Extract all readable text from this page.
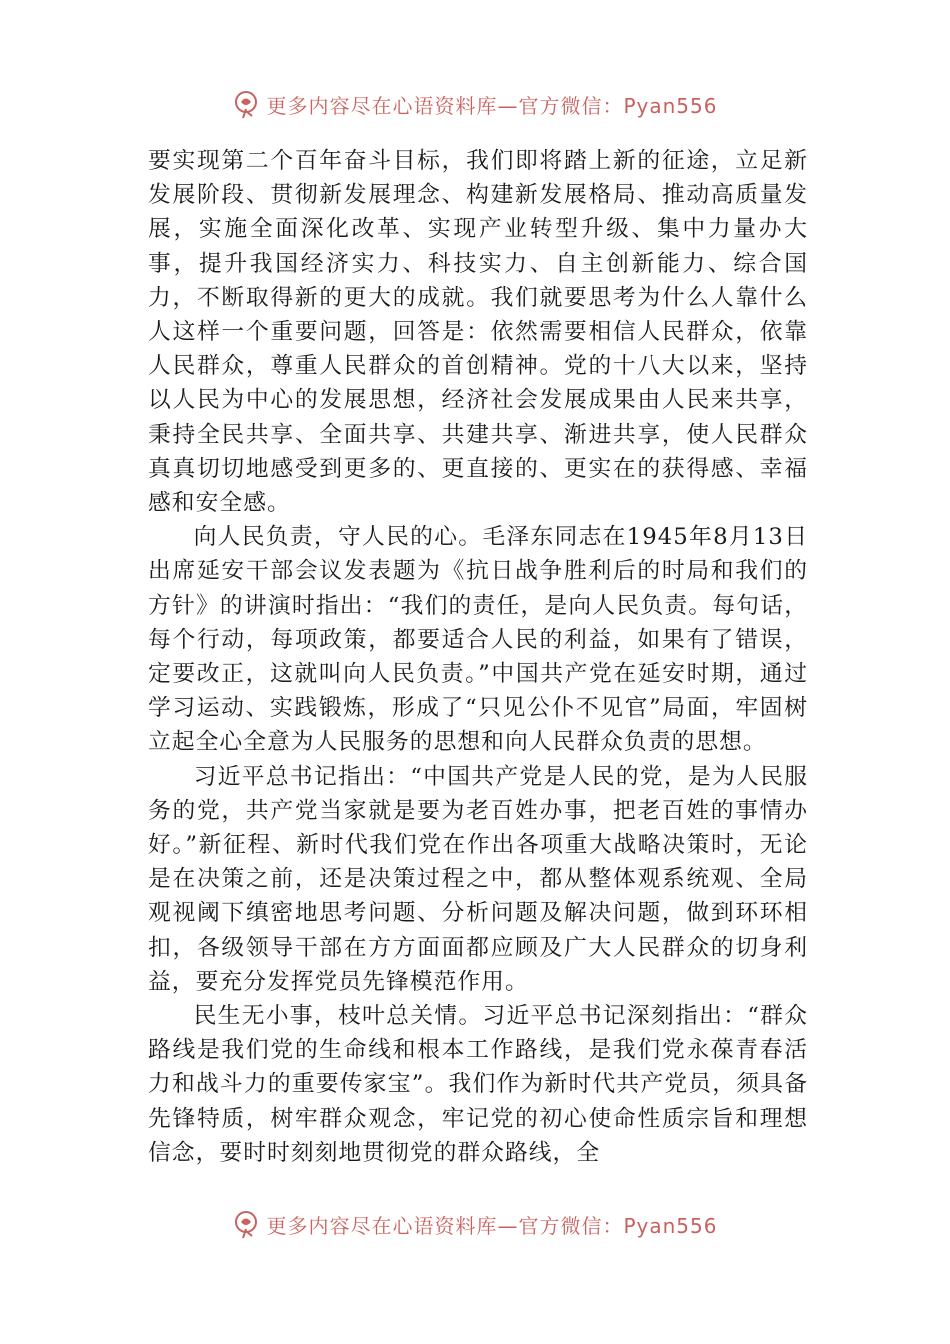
更多内容尽在心语资料库—官方微信：Pyan556

要实现第二个百年奋斗目标，我们即将踏上新的征途，立足新发展阶段、贯彻新发展理念、构建新发展格局、推动高质量发展，实施全面深化改革、实现产业转型升级、集中力量办大事，提升我国经济实力、科技实力、自主创新能力、综合国力，不断取得新的更大的成就。我们就要思考为什么人靠什么人这样一个重要问题，回答是：依然需要相信人民群众，依靠人民群众，尊重人民群众的首创精神。党的十八大以来，坚持以人民为中心的发展思想，经济社会发展成果由人民来共享，秉持全民共享、全面共享、共建共享、渐进共享，使人民群众真真切切地感受到更多的、更直接的、更实在的获得感、幸福感和安全感。

向人民负责，守人民的心。毛泽东同志在1945年8月13日出席延安干部会议发表题为《抗日战争胜利后的时局和我们的方针》的讲演时指出：“我们的责任，是向人民负责。每句话，每个行动，每项政策，都要适合人民的利益，如果有了错误，定要改正，这就叫向人民负责。”中国共产党在延安时期，通过学习运动、实践锻炼，形成了“只见公仆不见官”局面，牢固树立起全心全意为人民服务的思想和向人民群众负责的思想。

习近平总书记指出：“中国共产党是人民的党，是为人民服务的党，共产党当家就是要为老百姓办事，把老百姓的事情办好。”新征程、新时代我们党在作出各项重大战略决策时，无论是在决策之前，还是决策过程之中，都从整体观系统观、全局观视阈下缜密地思考问题、分析问题及解决问题，做到环环相扣，各级领导干部在方方面面都应顾及广大人民群众的切身利益，要充分发挥党员先锋模范作用。

民生无小事，枝叶总关情。习近平总书记深刻指出：“群众路线是我们党的生命线和根本工作路线，是我们党永葆青春活力和战斗力的重要传家宝”。我们作为新时代共产党员，须具备先锋特质，树牢群众观念，牢记党的初心使命性质宗旨和理想信念，要时时刻刻地贯彻党的群众路线，全

更多内容尽在心语资料库—官方微信：Pyan556
